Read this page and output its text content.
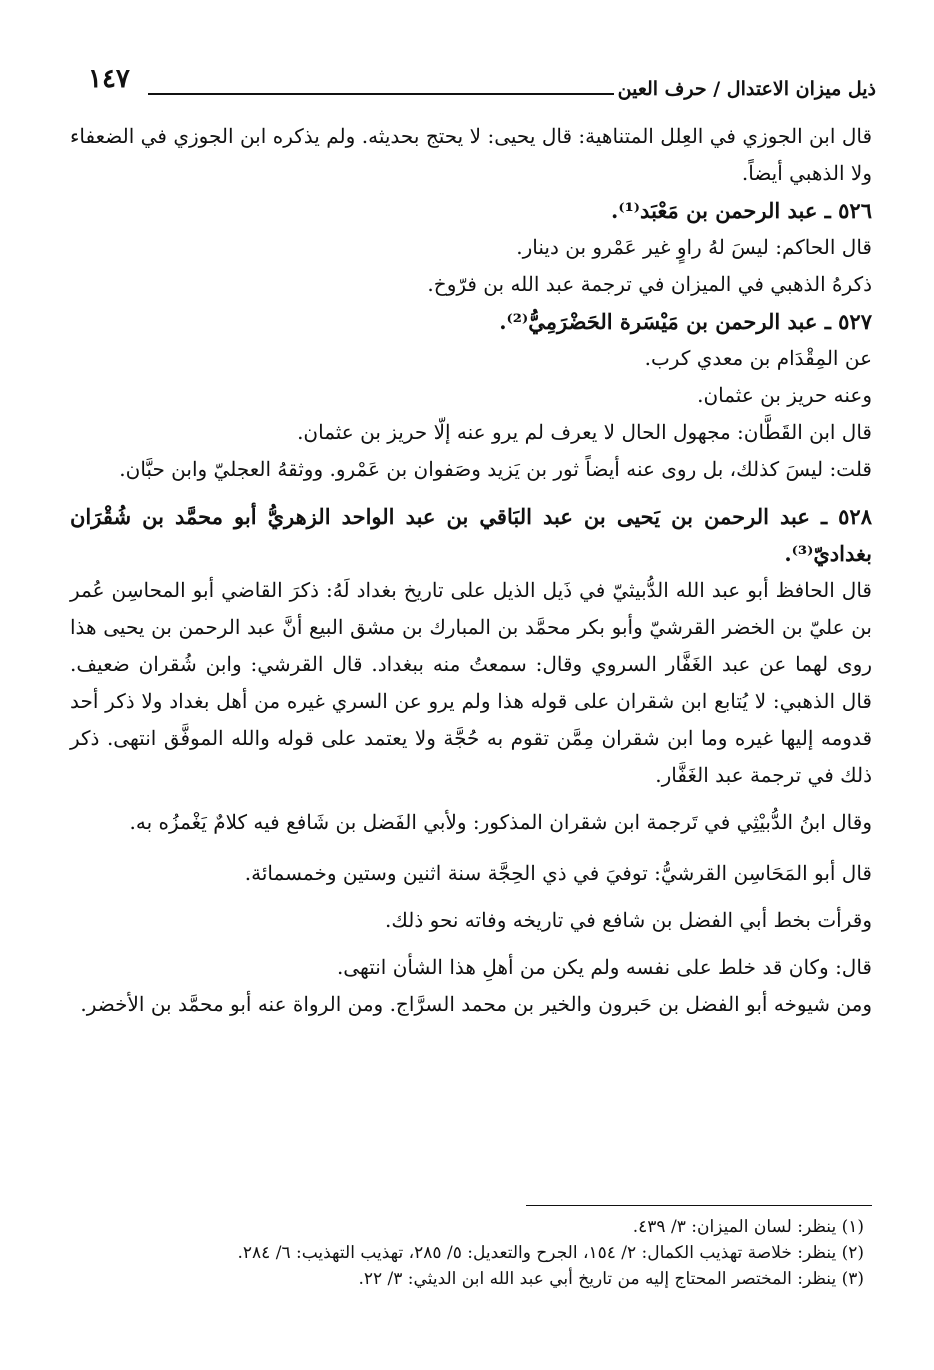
ذيل ميزان الاعتدال / حرف العين
١٤٧

قال ابن الجوزي في العِلل المتناهية: قال يحيى: لا يحتج بحديثه. ولم يذكره ابن الجوزي في الضعفاء ولا الذهبي أيضاً.

٥٢٦ ـ عبد الرحمن بن مَعْبَد⁽¹⁾.

قال الحاكم: ليسَ لهُ راوٍ غير عَمْرو بن دينار.

ذكرهُ الذهبي في الميزان في ترجمة عبد الله بن فرّوخ.

٥٢٧ ـ عبد الرحمن بن مَيْسَرة الحَضْرَمِيُّ⁽²⁾.

عن المِقْدَام بن معدي كرب.

وعنه حريز بن عثمان.

قال ابن القَطَّان: مجهول الحال لا يعرف لم يرو عنه إلّا حريز بن عثمان.

قلت: ليسَ كذلك، بل روى عنه أيضاً ثور بن يَزيد وصَفوان بن عَمْرو. ووثقهُ العجليّ وابن حبَّان.

٥٢٨ ـ عبد الرحمن بن يَحيى بن عبد البَاقي بن عبد الواحد الزهريُّ أبو محمَّد بن شُقْرَان بغداديّ⁽³⁾.

قال الحافظ أبو عبد الله الدُّبيثيّ في ذَيل الذيل على تاريخ بغداد لَهُ: ذكرَ القاضي أبو المحاسِن عُمر بن عليّ بن الخضر القرشيّ وأبو بكر محمَّد بن المبارك بن مشق البيع أنَّ عبد الرحمن بن يحيى هذا روى لهما عن عبد الغَفَّار السروي وقال: سمعتُ منه ببغداد. قال القرشي: وابن شُقران ضعيف. قال الذهبي: لا يُتابع ابن شقران على قوله هذا ولم يرو عن السري غيره من أهل بغداد ولا ذكر أحد قدومه إليها غيره وما ابن شقران مِمَّن تقوم به حُجَّة ولا يعتمد على قوله والله الموفَّق انتهى. ذكر ذلك في ترجمة عبد الغَفَّار.

وقال ابنُ الدُّبيْثِي في تَرجمة ابن شقران المذكور: ولأبي الفَضل بن شَافع فيه كلامٌ يَغْمزُه به.

قال أبو المَحَاسِن القرشيُّ: توفيَ في ذي الحِجَّة سنة اثنين وستين وخمسمائة.

وقرأت بخط أبي الفضل بن شافع في تاريخه وفاته نحو ذلك.

قال: وكان قد خلط على نفسه ولم يكن من أهلِ هذا الشأن انتهى.

ومن شيوخه أبو الفضل بن حَبرون والخير بن محمد السرَّاج. ومن الرواة عنه أبو محمَّد بن الأخضر.

(١) ينظر: لسان الميزان: ٣/ ٤٣٩.
(٢) ينظر: خلاصة تهذيب الكمال: ٢/ ١٥٤، الجرح والتعديل: ٥/ ٢٨٥، تهذيب التهذيب: ٦/ ٢٨٤.
(٣) ينظر: المختصر المحتاج إليه من تاريخ أبي عبد الله ابن الديثي: ٣/ ٢٢.
